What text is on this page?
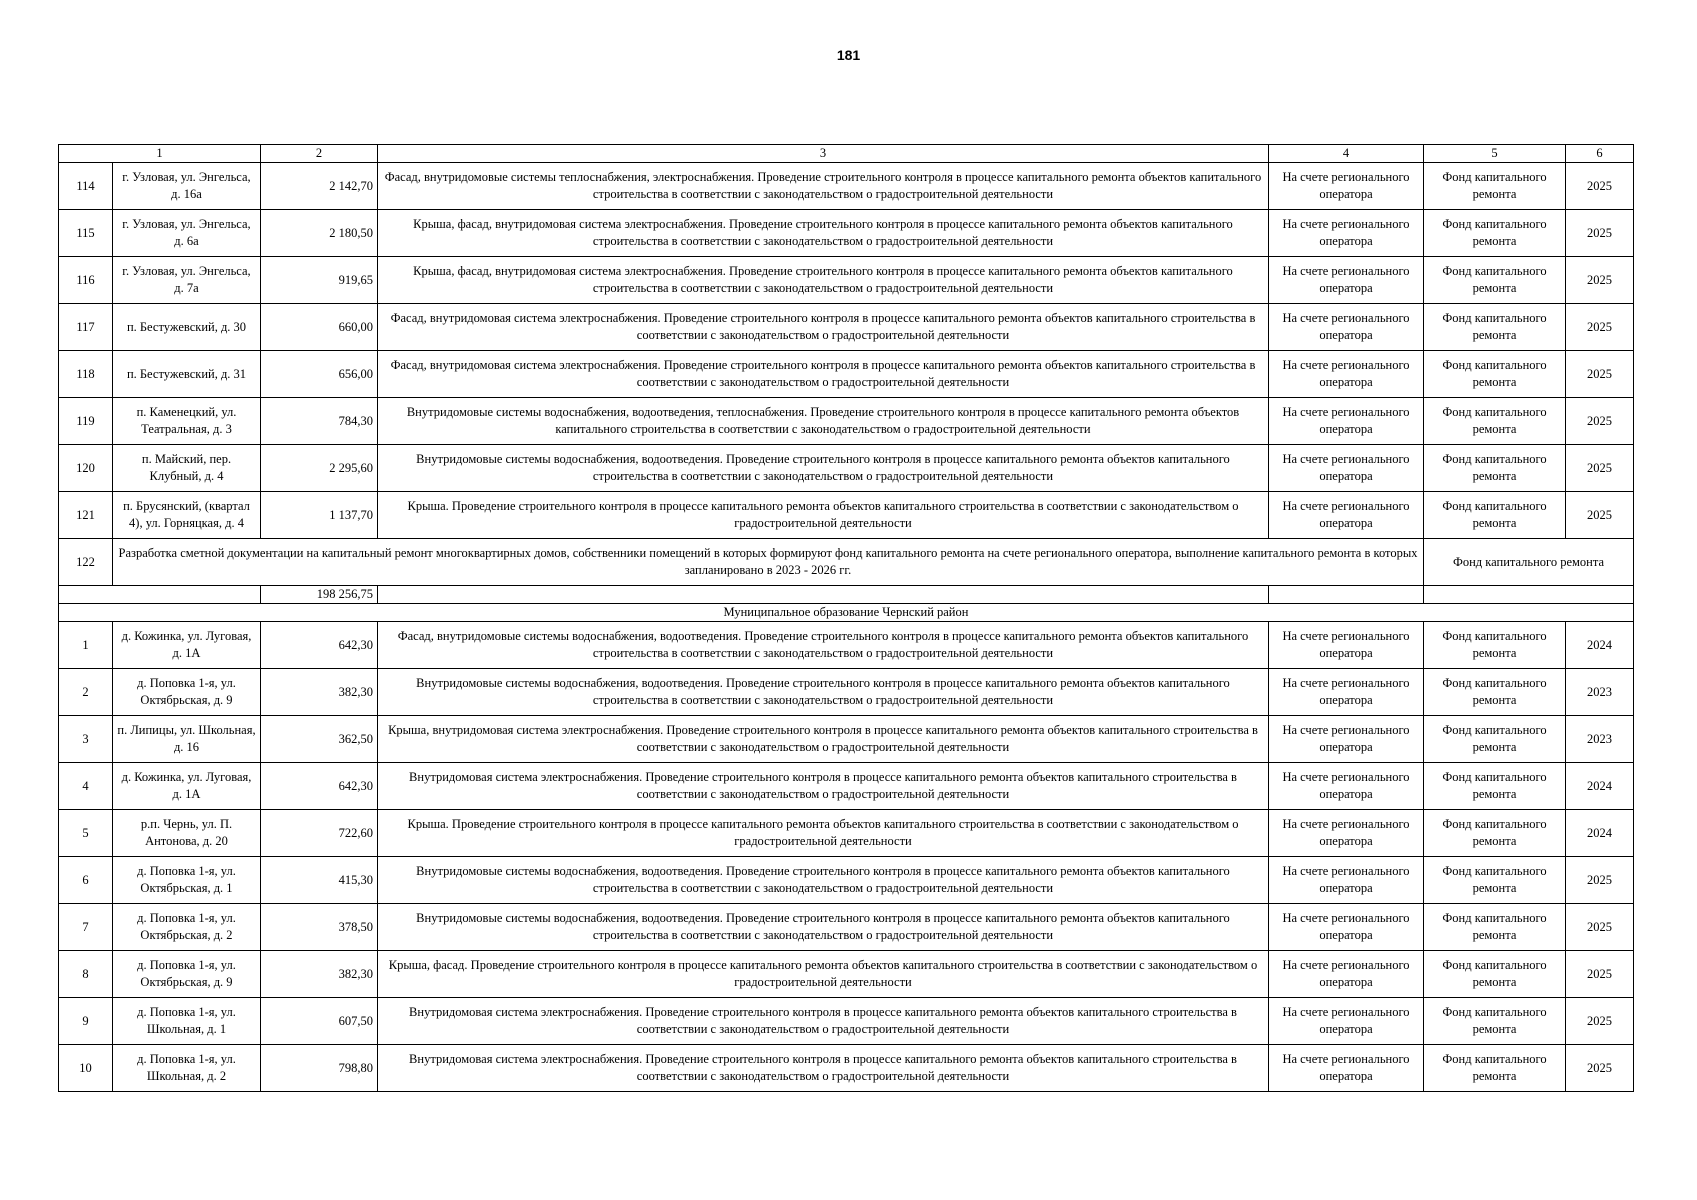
181
1		2	3	4	5	6
114	г. Узловая, ул. Энгельса, д. 16а	2 142,70	Фасад, внутридомовые системы теплоснабжения, электроснабжения. Проведение строительного контроля в процессе капитального ремонта объектов капитального строительства в соответствии с законодательством о градостроительной деятельности	На счете регионального оператора	Фонд капитального ремонта	2025
115	г. Узловая, ул. Энгельса, д. 6а	2 180,50	Крыша, фасад, внутридомовая система электроснабжения. Проведение строительного контроля в процессе капитального ремонта объектов капитального строительства в соответствии с законодательством о градостроительной деятельности	На счете регионального оператора	Фонд капитального ремонта	2025
116	г. Узловая, ул. Энгельса, д. 7а	919,65	Крыша, фасад, внутридомовая система электроснабжения. Проведение строительного контроля в процессе капитального ремонта объектов капитального строительства в соответствии с законодательством о градостроительной деятельности	На счете регионального оператора	Фонд капитального ремонта	2025
117	п. Бестужевский, д. 30	660,00	Фасад, внутридомовая система электроснабжения. Проведение строительного контроля в процессе капитального ремонта объектов капитального строительства в соответствии с законодательством о градостроительной деятельности	На счете регионального оператора	Фонд капитального ремонта	2025
118	п. Бестужевский, д. 31	656,00	Фасад, внутридомовая система электроснабжения. Проведение строительного контроля в процессе капитального ремонта объектов капитального строительства в соответствии с законодательством о градостроительной деятельности	На счете регионального оператора	Фонд капитального ремонта	2025
119	п. Каменецкий, ул. Театральная, д. 3	784,30	Внутридомовые системы водоснабжения, водоотведения, теплоснабжения. Проведение строительного контроля в процессе капитального ремонта объектов капитального строительства в соответствии с законодательством о градостроительной деятельности	На счете регионального оператора	Фонд капитального ремонта	2025
120	п. Майский, пер. Клубный, д. 4	2 295,60	Внутридомовые системы водоснабжения, водоотведения. Проведение строительного контроля в процессе капитального ремонта объектов капитального строительства в соответствии с законодательством о градостроительной деятельности	На счете регионального оператора	Фонд капитального ремонта	2025
121	п. Брусянский, (квартал 4), ул. Горняцкая, д. 4	1 137,70	Крыша. Проведение строительного контроля в процессе капитального ремонта объектов капитального строительства в соответствии с законодательством о градостроительной деятельности	На счете регионального оператора	Фонд капитального ремонта	2025
122	Разработка сметной документации на капитальный ремонт многоквартирных домов, собственники помещений в которых формируют фонд капитального ремонта на счете регионального оператора, выполнение капитального ремонта в которых запланировано в 2023 - 2026 гг.				Фонд капитального ремонта	
		198 256,75				
Муниципальное образование Чернский район						
1	д. Кожинка, ул. Луговая, д. 1А	642,30	Фасад, внутридомовые системы водоснабжения, водоотведения. Проведение строительного контроля в процессе капитального ремонта объектов капитального строительства в соответствии с законодательством о градостроительной деятельности	На счете регионального оператора	Фонд капитального ремонта	2024
2	д. Поповка 1-я, ул. Октябрьская, д. 9	382,30	Внутридомовые системы водоснабжения, водоотведения. Проведение строительного контроля в процессе капитального ремонта объектов капитального строительства в соответствии с законодательством о градостроительной деятельности	На счете регионального оператора	Фонд капитального ремонта	2023
3	п. Липицы, ул. Школьная, д. 16	362,50	Крыша, внутридомовая система электроснабжения. Проведение строительного контроля в процессе капитального ремонта объектов капитального строительства в соответствии с законодательством о градостроительной деятельности	На счете регионального оператора	Фонд капитального ремонта	2023
4	д. Кожинка, ул. Луговая, д. 1А	642,30	Внутридомовая система электроснабжения. Проведение строительного контроля в процессе капитального ремонта объектов капитального строительства в соответствии с законодательством о градостроительной деятельности	На счете регионального оператора	Фонд капитального ремонта	2024
5	р.п. Чернь, ул. П. Антонова, д. 20	722,60	Крыша. Проведение строительного контроля в процессе капитального ремонта объектов капитального строительства в соответствии с законодательством о градостроительной деятельности	На счете регионального оператора	Фонд капитального ремонта	2024
6	д. Поповка 1-я, ул. Октябрьская, д. 1	415,30	Внутридомовые системы водоснабжения, водоотведения. Проведение строительного контроля в процессе капитального ремонта объектов капитального строительства в соответствии с законодательством о градостроительной деятельности	На счете регионального оператора	Фонд капитального ремонта	2025
7	д. Поповка 1-я, ул. Октябрьская, д. 2	378,50	Внутридомовые системы водоснабжения, водоотведения. Проведение строительного контроля в процессе капитального ремонта объектов капитального строительства в соответствии с законодательством о градостроительной деятельности	На счете регионального оператора	Фонд капитального ремонта	2025
8	д. Поповка 1-я, ул. Октябрьская, д. 9	382,30	Крыша, фасад. Проведение строительного контроля в процессе капитального ремонта объектов капитального строительства в соответствии с законодательством о градостроительной деятельности	На счете регионального оператора	Фонд капитального ремонта	2025
9	д. Поповка 1-я, ул. Школьная, д. 1	607,50	Внутридомовая система электроснабжения. Проведение строительного контроля в процессе капитального ремонта объектов капитального строительства в соответствии с законодательством о градостроительной деятельности	На счете регионального оператора	Фонд капитального ремонта	2025
10	д. Поповка 1-я, ул. Школьная, д. 2	798,80	Внутридомовая система электроснабжения. Проведение строительного контроля в процессе капитального ремонта объектов капитального строительства в соответствии с законодательством о градостроительной деятельности	На счете регионального оператора	Фонд капитального ремонта	2025
